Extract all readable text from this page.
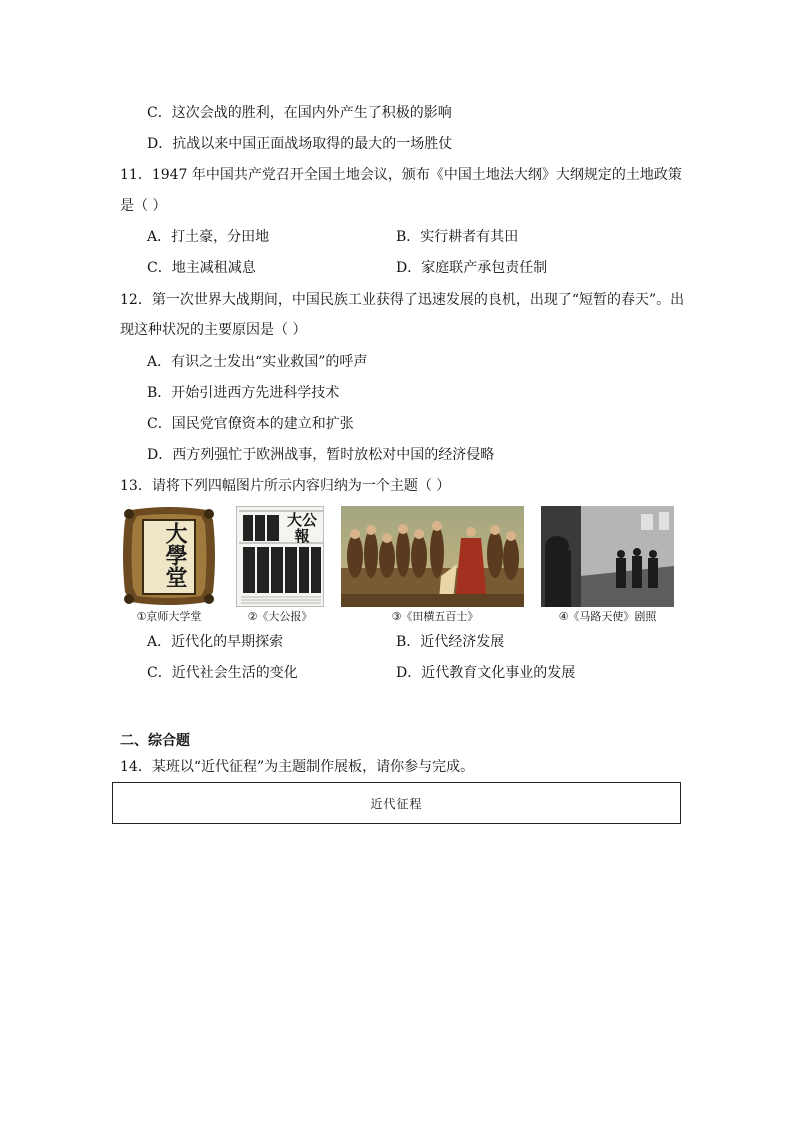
C．这次会战的胜利，在国内外产生了积极的影响
D．抗战以来中国正面战场取得的最大的一场胜仗
11．1947 年中国共产党召开全国土地会议，颁布《中国土地法大纲》大纲规定的土地政策
是（ ）
A．打土豪，分田地	B．实行耕者有其田
C．地主减租减息	D．家庭联产承包责任制
12．第一次世界大战期间，中国民族工业获得了迅速发展的良机，出现了“短暂的春天”。出
现这种状况的主要原因是（ ）
A．有识之士发出“实业救国”的呼声
B．开始引进西方先进科学技术
C．国民党官僚资本的建立和扩张
D．西方列强忙于欧洲战事，暂时放松对中国的经济侵略
13．请将下列四幅图片所示内容归纳为一个主题（ ）
大學堂
①京师大学堂
大公報
②《大公报》	③《田横五百士》	④《马路天使》剧照
A．近代化的早期探索	B．近代经济发展
C．近代社会生活的变化	D．近代教育文化事业的发展
二、综合题
14．某班以“近代征程”为主题制作展板，请你参与完成。
近代征程
